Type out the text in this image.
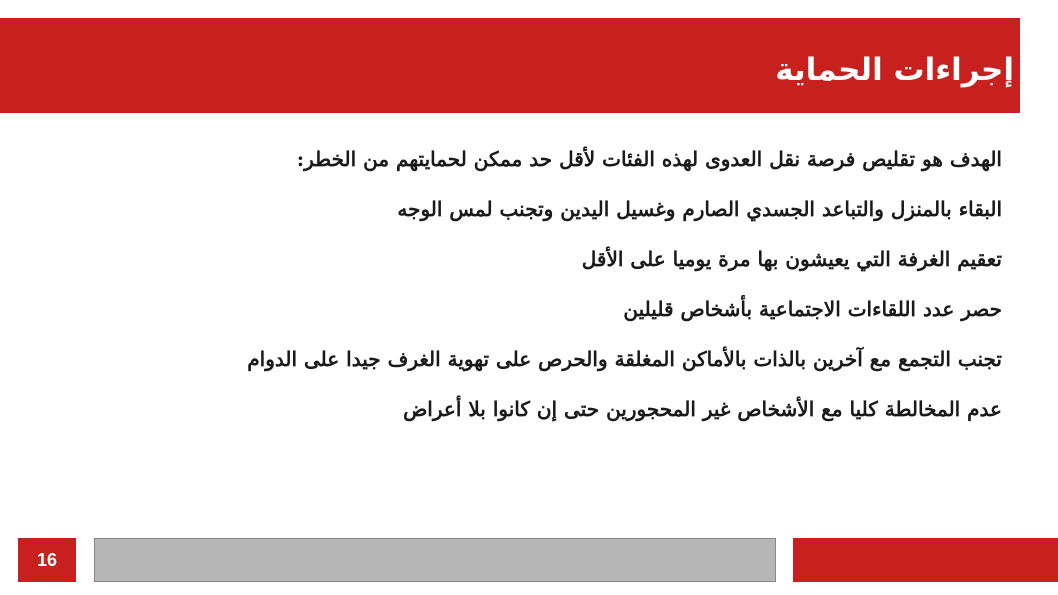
إجراءات الحماية
الهدف هو تقليص فرصة نقل العدوى لهذه الفئات لأقل حد ممكن لحمايتهم من الخطر:
البقاء بالمنزل والتباعد الجسدي الصارم وغسيل اليدين وتجنب لمس الوجه
تعقيم الغرفة التي يعيشون بها مرة يوميا على الأقل
حصر عدد اللقاءات الاجتماعية بأشخاص قليلين
تجنب التجمع مع آخرين بالذات بالأماكن المغلقة والحرص على تهوية الغرف جيدا على الدوام
عدم المخالطة كليا مع الأشخاص غير المحجورين حتى إن كانوا بلا أعراض
16
